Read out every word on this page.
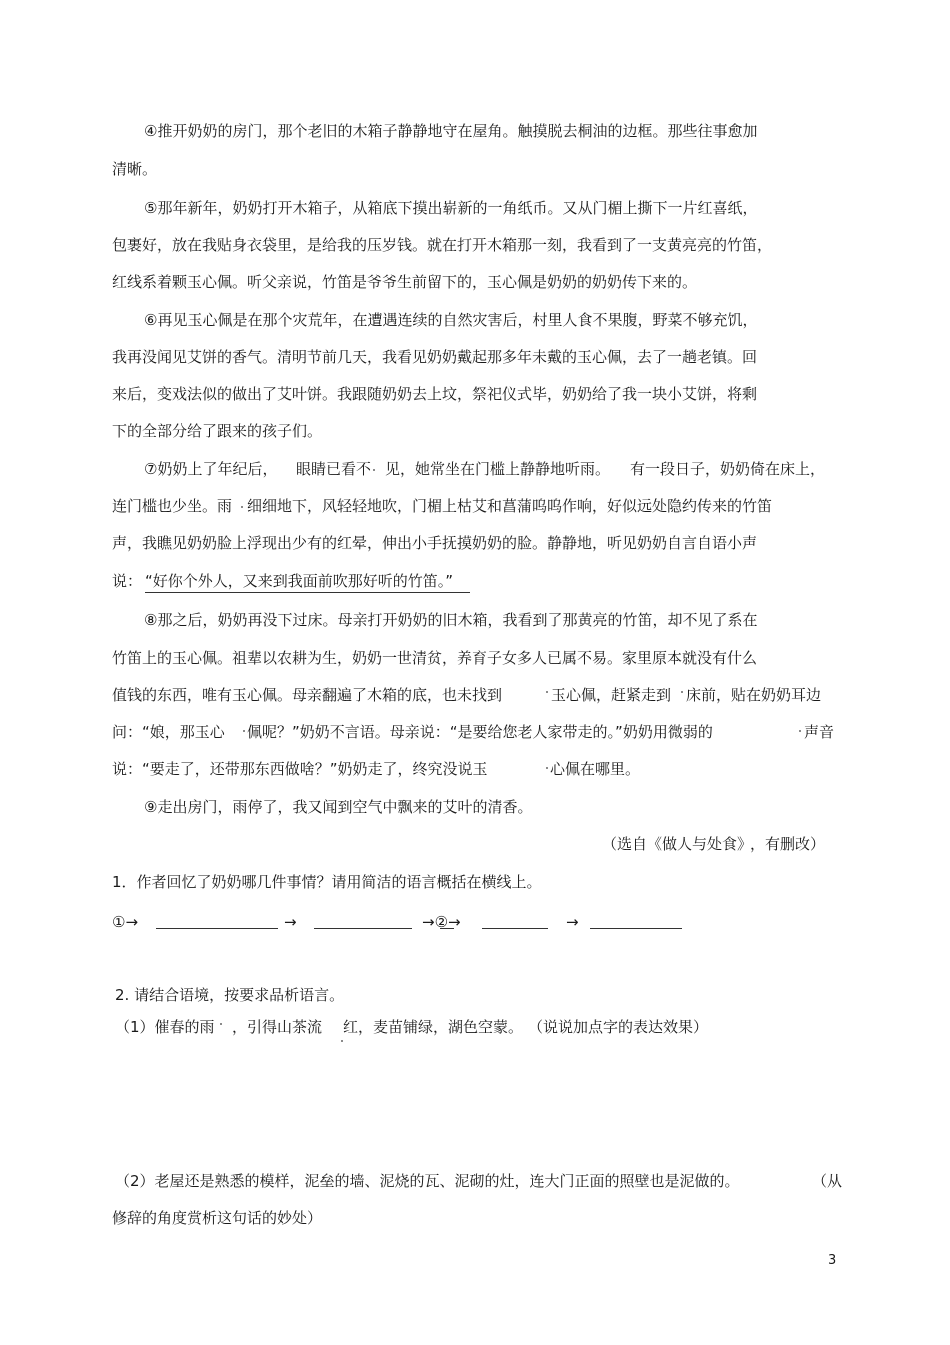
④推开奶奶的房门，那个老旧的木箱子静静地守在屋角。触摸脱去桐油的边框。那些往事愈加
清晰。
⑤那年新年，奶奶打开木箱子，从箱底下摸出崭新的一角纸币。又从门楣上撕下一片红喜纸，
包裹好，放在我贴身衣袋里，是给我的压岁钱。就在打开木箱那一刻，我看到了一支黄亮亮的竹笛，
红线系着颗玉心佩。听父亲说，竹笛是爷爷生前留下的，玉心佩是奶奶的奶奶传下来的。
⑥再见玉心佩是在那个灾荒年，在遭遇连续的自然灾害后，村里人食不果腹，野菜不够充饥，
我再没闻见艾饼的香气。清明节前几天，我看见奶奶戴起那多年未戴的玉心佩，去了一趟老镇。回
来后，变戏法似的做出了艾叶饼。我跟随奶奶去上坟，祭祀仪式毕，奶奶给了我一块小艾饼，将剩
下的全部分给了跟来的孩子们。
⑦奶奶上了年纪后， 眼睛已看不 见，她常坐在门槛上静静地听雨。 有一段日子，奶奶倚在床上，
连门槛也少坐。雨 细细地下，风轻轻地吹，门楣上枯艾和菖蒲呜呜作响，好似远处隐约传来的竹笛
声，我瞧见奶奶脸上浮现出少有的红晕，伸出小手抚摸奶奶的脸。静静地，听见奶奶自言自语小声
说： “好你个外人，又来到我面前吹那好听的竹笛。”
⑧那之后，奶奶再没下过床。母亲打开奶奶的旧木箱，我看到了那黄亮的竹笛，却不见了系在
竹笛上的玉心佩。祖辈以农耕为生，奶奶一世清贫，养育子女多人已属不易。家里原本就没有什么
值钱的东西，唯有玉心佩。母亲翻遍了木箱的底，也未找到	玉心佩，赶紧走到 床前，贴在奶奶耳边
问：“娘，那玉心 佩呢？”奶奶不言语。母亲说：“是要给您老人家带走的。”奶奶用微弱的	声音
说：“要走了，还带那东西做啥？”奶奶走了，终究没说玉	心佩在哪里。
⑨走出房门，雨停了，我又闻到空气中飘来的艾叶的清香。
（选自《做人与处食》
，有删改）
1．作者回忆了奶奶哪几件事情？请用简洁的语言概括在横线上。
①→	→	→②→	→
2. 请结合语境，按要求品析语言。
（1）催春的雨 ，引得山茶流 红，麦苗铺绿，湖色空蒙。 （说说加点字的表达效果）
（2）老屋还是熟悉的模样，泥垒的墙、泥烧的瓦、泥砌的灶，连大门正面的照壁也是泥做的。	（从
修辞的角度赏析这句话的妙处）
3
